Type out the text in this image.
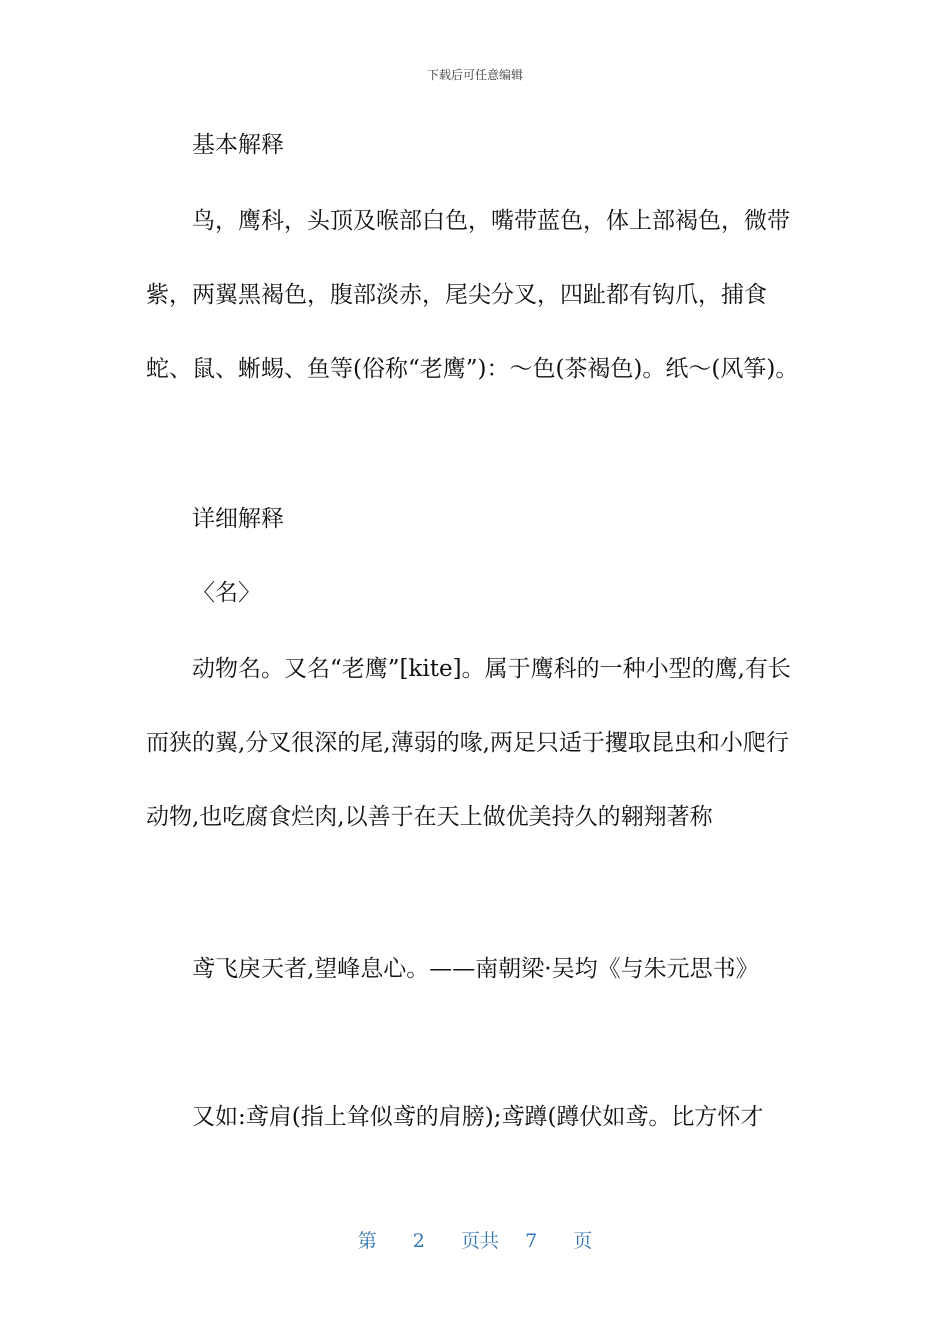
下载后可任意编辑

基本解释

鸟，鹰科，头顶及喉部白色，嘴带蓝色，体上部褐色，微带紫，两翼黑褐色，腹部淡赤，尾尖分叉，四趾都有钩爪，捕食蛇、鼠、蜥蜴、鱼等(俗称“老鹰”)：～色(茶褐色)。纸～(风筝)。

详细解释

〈名〉

动物名。又名“老鹰”[kite]。属于鹰科的一种小型的鹰,有长而狭的翼,分叉很深的尾,薄弱的喙,两足只适于攫取昆虫和小爬行动物,也吃腐食烂肉,以善于在天上做优美持久的翱翔著称

鸢飞戾天者,望峰息心。——南朝梁·吴均《与朱元思书》

又如:鸢肩(指上耸似鸢的肩膀);鸢蹲(蹲伏如鸢。比方怀才

第 2 页共 7 页
